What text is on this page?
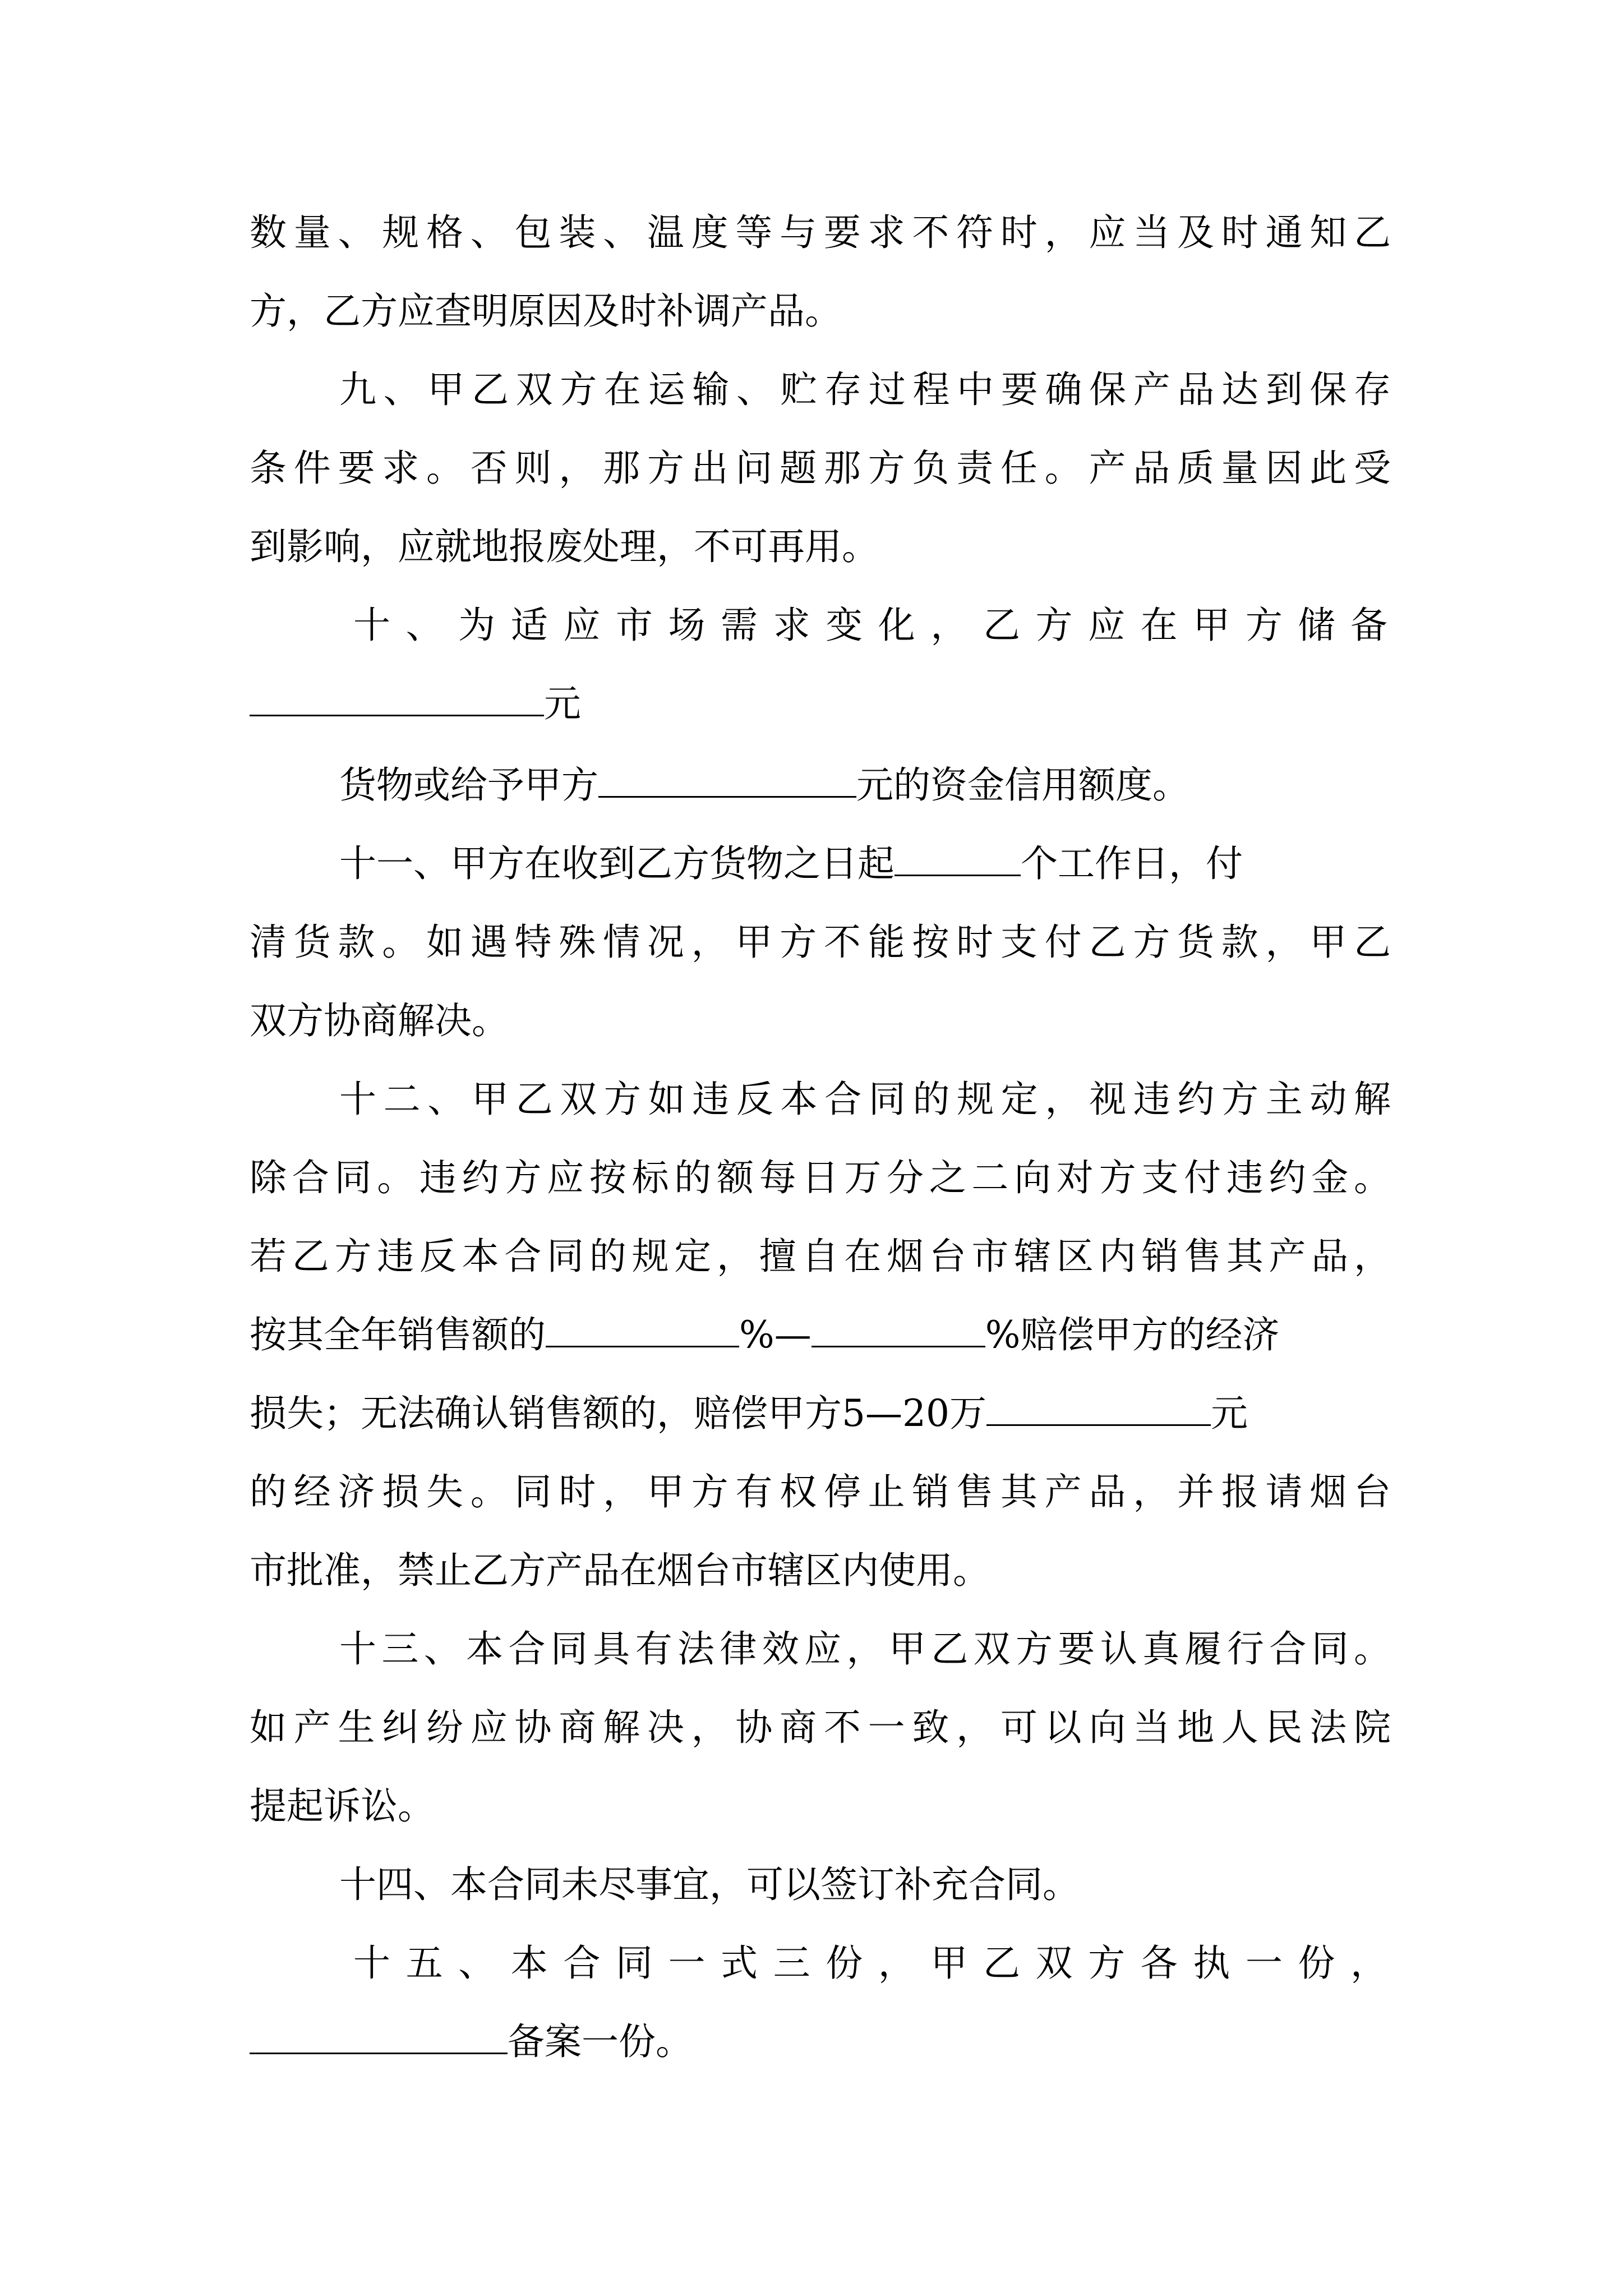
数量、规格、包装、温度等与要求不符时，应当及时通知乙
方，乙方应查明原因及时补调产品。
九、甲乙双方在运输、贮存过程中要确保产品达到保存
条件要求。否则，那方出问题那方负责任。产品质量因此受
到影响，应就地报废处理，不可再用。
十、为适应市场需求变化，乙方应在甲方储备
元
货物或给予甲方	元的资金信用额度。
十一、甲方在收到乙方货物之日起	个工作日，付
清货款。如遇特殊情况，甲方不能按时支付乙方货款，甲乙
双方协商解决。
十二、甲乙双方如违反本合同的规定，视违约方主动解
除合同。违约方应按标的额每日万分之二向对方支付违约金。
若乙方违反本合同的规定，擅自在烟台市辖区内销售其产品，
按其全年销售额的	%—	%赔偿甲方的经济
损失；无法确认销售额的，赔偿甲方5—20万	元
的经济损失。同时，甲方有权停止销售其产品，并报请烟台
市批准，禁止乙方产品在烟台市辖区内使用。
十三、本合同具有法律效应，甲乙双方要认真履行合同。
如产生纠纷应协商解决，协商不一致，可以向当地人民法院
提起诉讼。
十四、本合同未尽事宜，可以签订补充合同。
十五、本合同一式三份，甲乙双方各执一份，
备案一份。
